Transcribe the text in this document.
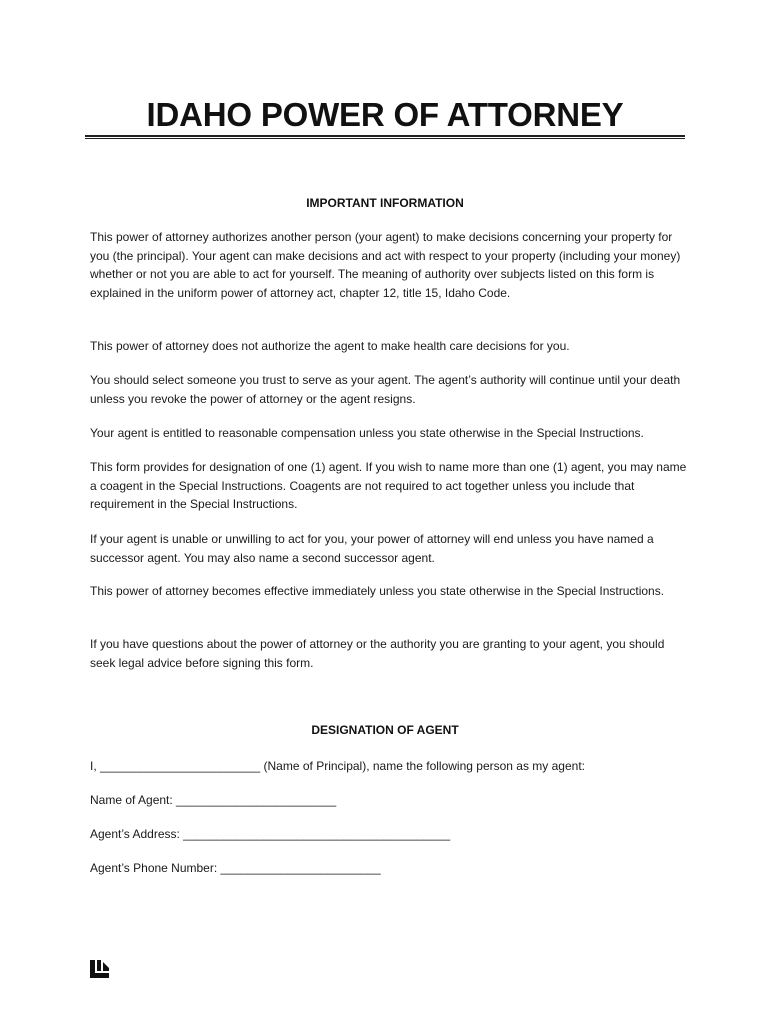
IDAHO POWER OF ATTORNEY
IMPORTANT INFORMATION

This power of attorney authorizes another person (your agent) to make decisions concerning your property for you (the principal). Your agent can make decisions and act with respect to your property (including your money) whether or not you are able to act for yourself. The meaning of authority over subjects listed on this form is explained in the uniform power of attorney act, chapter 12, title 15, Idaho Code.

This power of attorney does not authorize the agent to make health care decisions for you.

You should select someone you trust to serve as your agent. The agent’s authority will continue until your death unless you revoke the power of attorney or the agent resigns.

Your agent is entitled to reasonable compensation unless you state otherwise in the Special Instructions.

This form provides for designation of one (1) agent. If you wish to name more than one (1) agent, you may name a coagent in the Special Instructions. Coagents are not required to act together unless you include that requirement in the Special Instructions.

If your agent is unable or unwilling to act for you, your power of attorney will end unless you have named a successor agent. You may also name a second successor agent.

This power of attorney becomes effective immediately unless you state otherwise in the Special Instructions.

If you have questions about the power of attorney or the authority you are granting to your agent, you should seek legal advice before signing this form.

DESIGNATION OF AGENT

I, ________________________ (Name of Principal), name the following person as my agent:

Name of Agent: ________________________

Agent’s Address: ________________________________________

Agent’s Phone Number: ________________________
